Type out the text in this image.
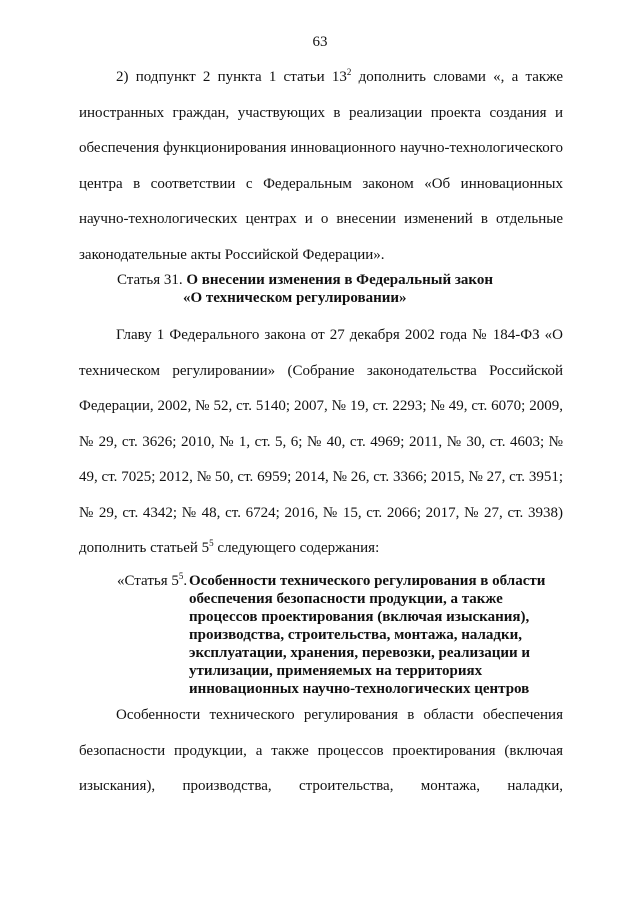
63

2) подпункт 2 пункта 1 статьи $13^2$ дополнить словами «, а также иностранных граждан, участвующих в реализации проекта создания и обеспечения функционирования инновационного научно-технологического центра в соответствии с Федеральным законом «Об инновационных научно-технологических центрах и о внесении изменений в отдельные законодательные акты Российской Федерации».

Статья 31. О внесении изменения в Федеральный закон
«О техническом регулировании»

Главу 1 Федерального закона от 27 декабря 2002 года № 184-ФЗ «О техническом регулировании» (Собрание законодательства Российской Федерации, 2002, № 52, ст. 5140; 2007, № 19, ст. 2293; № 49, ст. 6070; 2009, № 29, ст. 3626; 2010, № 1, ст. 5, 6; № 40, ст. 4969; 2011, № 30, ст. 4603; № 49, ст. 7025; 2012, № 50, ст. 6959; 2014, № 26, ст. 3366; 2015, № 27, ст. 3951; № 29, ст. 4342; № 48, ст. 6724; 2016, № 15, ст. 2066; 2017, № 27, ст. 3938) дополнить статьей $5^5$ следующего содержания:

«Статья $5^5$. Особенности технического регулирования в области
обеспечения безопасности продукции, а также
процессов проектирования (включая изыскания),
производства, строительства, монтажа, наладки,
эксплуатации, хранения, перевозки, реализации и
утилизации, применяемых на территориях
инновационных научно-технологических центров

Особенности технического регулирования в области обеспечения безопасности продукции, а также процессов проектирования (включая изыскания), производства, строительства, монтажа, наладки,
